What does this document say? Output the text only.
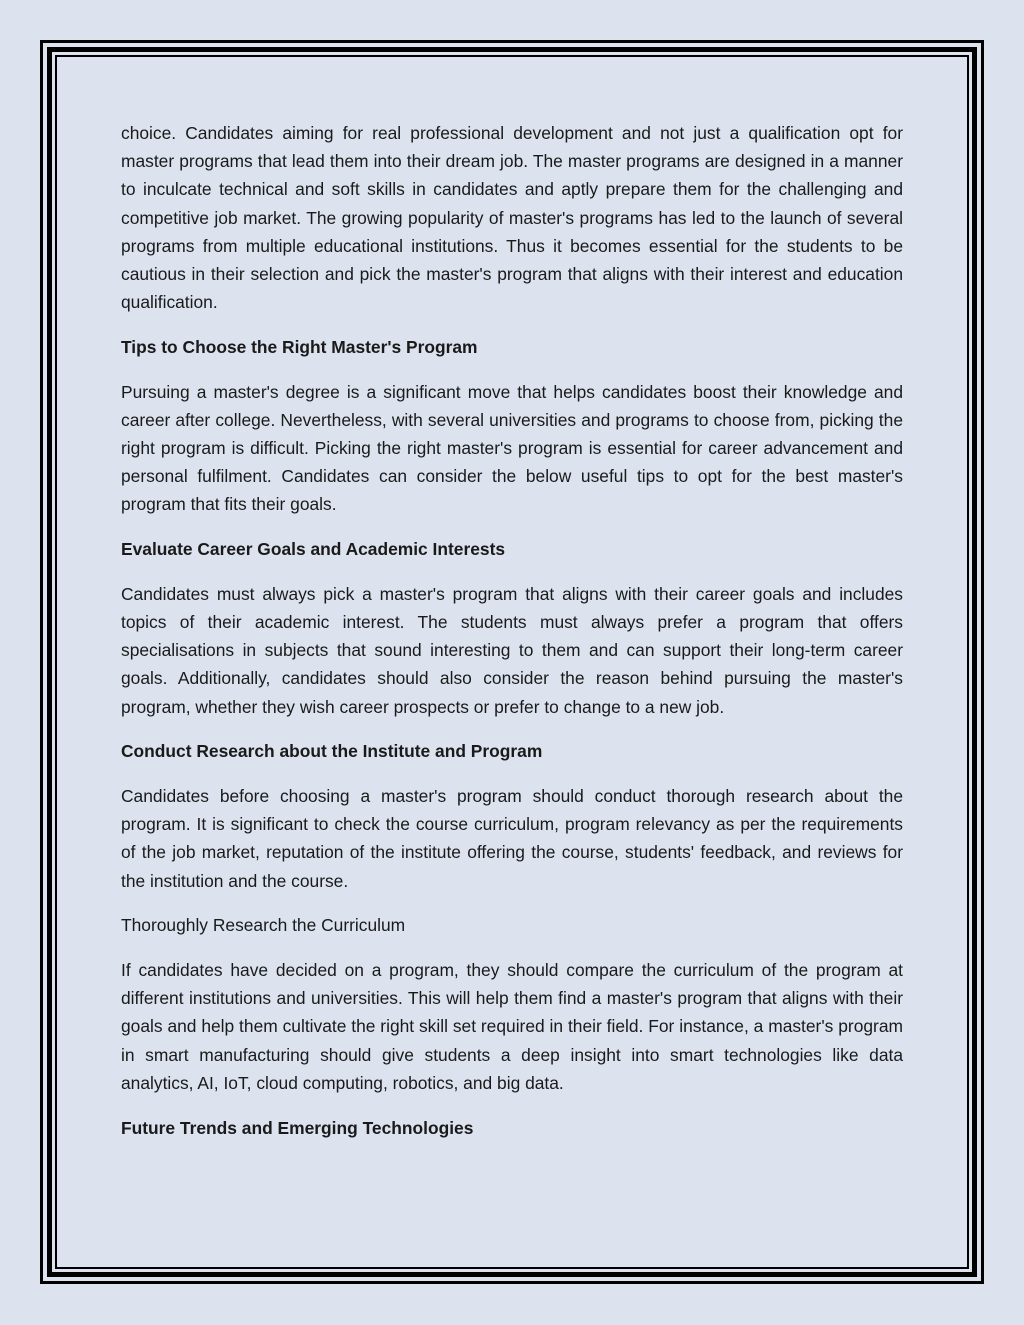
choice. Candidates aiming for real professional development and not just a qualification opt for master programs that lead them into their dream job. The master programs are designed in a manner to inculcate technical and soft skills in candidates and aptly prepare them for the challenging and competitive job market. The growing popularity of master's programs has led to the launch of several programs from multiple educational institutions. Thus it becomes essential for the students to be cautious in their selection and pick the master's program that aligns with their interest and education qualification.

Tips to Choose the Right Master's Program

Pursuing a master's degree is a significant move that helps candidates boost their knowledge and career after college. Nevertheless, with several universities and programs to choose from, picking the right program is difficult. Picking the right master's program is essential for career advancement and personal fulfilment. Candidates can consider the below useful tips to opt for the best master's program that fits their goals.

Evaluate Career Goals and Academic Interests

Candidates must always pick a master's program that aligns with their career goals and includes topics of their academic interest. The students must always prefer a program that offers specialisations in subjects that sound interesting to them and can support their long-term career goals. Additionally, candidates should also consider the reason behind pursuing the master's program, whether they wish career prospects or prefer to change to a new job.

Conduct Research about the Institute and Program

Candidates before choosing a master's program should conduct thorough research about the program. It is significant to check the course curriculum, program relevancy as per the requirements of the job market, reputation of the institute offering the course, students' feedback, and reviews for the institution and the course.

Thoroughly Research the Curriculum

If candidates have decided on a program, they should compare the curriculum of the program at different institutions and universities. This will help them find a master's program that aligns with their goals and help them cultivate the right skill set required in their field. For instance, a master's program in smart manufacturing should give students a deep insight into smart technologies like data analytics, AI, IoT, cloud computing, robotics, and big data.

Future Trends and Emerging Technologies
